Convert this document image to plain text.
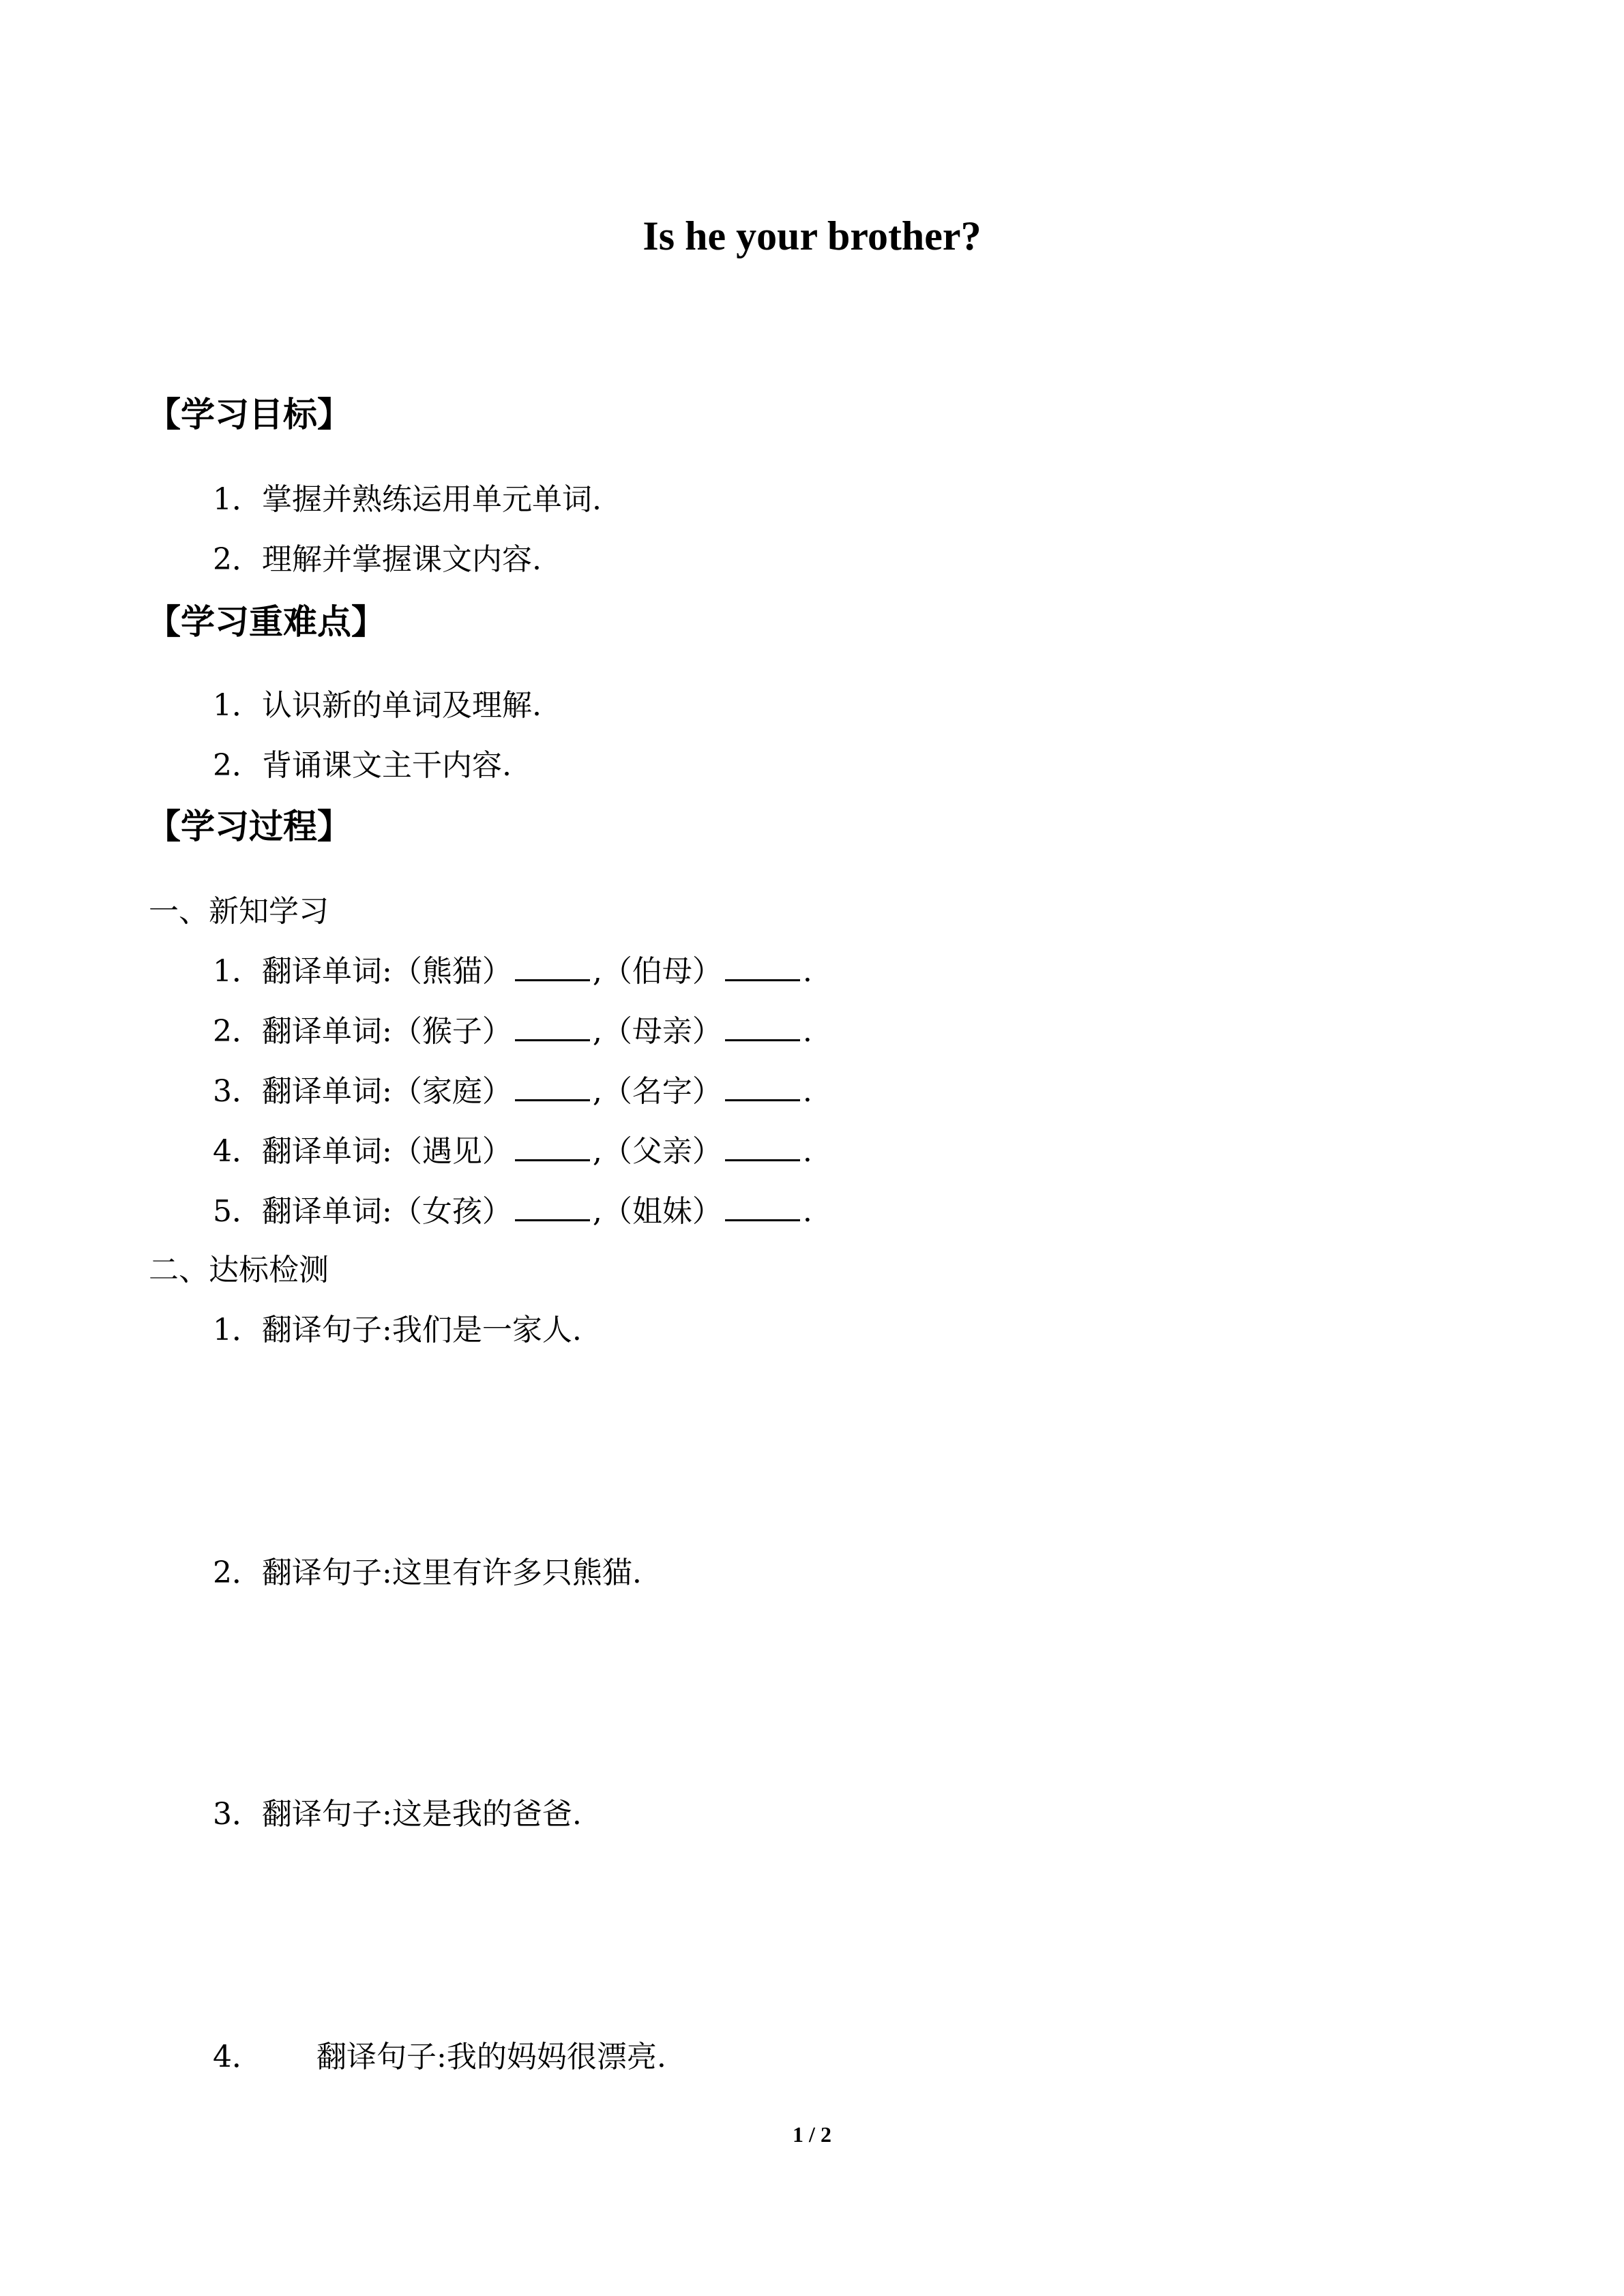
Is he your brother?
【学习目标】
1．掌握并熟练运用单元单词.
2．理解并掌握课文内容.
【学习重难点】
1．认识新的单词及理解.
2．背诵课文主干内容.
【学习过程】
一、新知学习
1．翻译单词:（熊猫）	,（伯母）	.
2．翻译单词:（猴子）	,（母亲）	.
3．翻译单词:（家庭）	,（名字）	.
4．翻译单词:（遇见）	,（父亲）	.
5．翻译单词:（女孩）	,（姐妹）	.
二、达标检测
1．翻译句子:我们是一家人.
2．翻译句子:这里有许多只熊猫.
3．翻译句子:这是我的爸爸.
4． 翻译句子:我的妈妈很漂亮.
1 / 2
